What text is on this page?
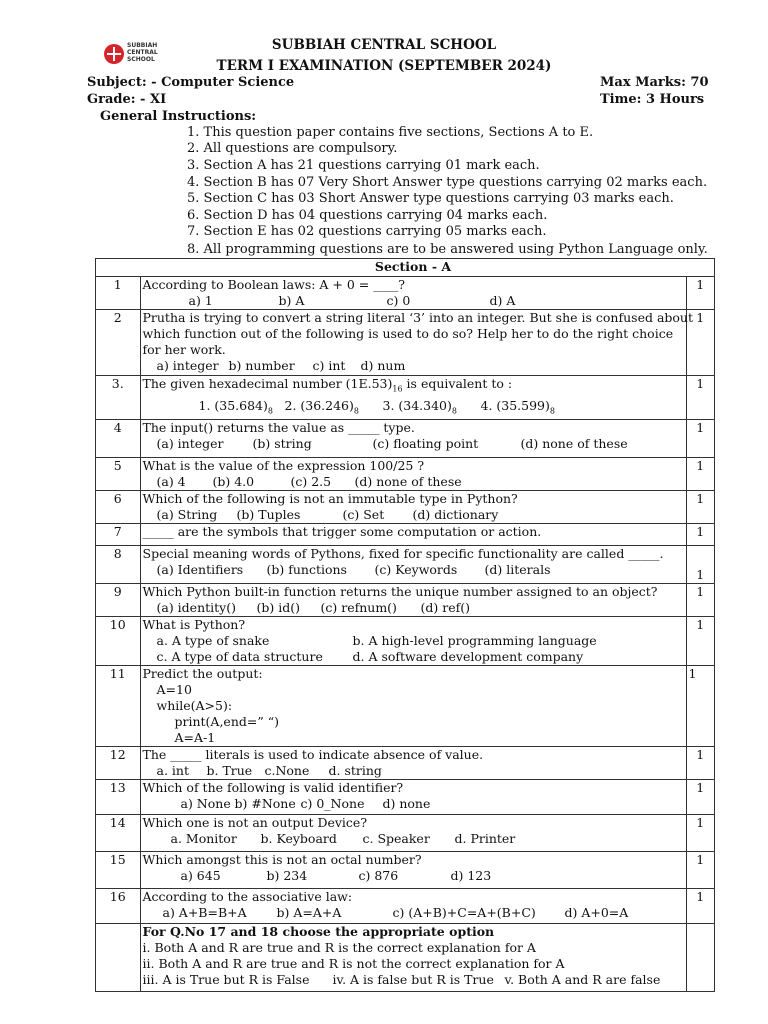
SUBBIAH CENTRAL SCHOOL
SUBBIAH CENTRAL SCHOOL
TERM I EXAMINATION (SEPTEMBER 2024)
Subject: - Computer Science	Max Marks: 70
Grade: - XI	Time: 3 Hours
General Instructions:
1. This question paper contains five sections, Sections A to E.
2. All questions are compulsory.
3. Section A has 21 questions carrying 01 mark each.
4. Section B has 07 Very Short Answer type questions carrying 02 marks each.
5. Section C has 03 Short Answer type questions carrying 03 marks each.
6. Section D has 04 questions carrying 04 marks each.
7. Section E has 02 questions carrying 05 marks each.
8. All programming questions are to be answered using Python Language only.
	Section - A	
1	According to Boolean laws: A + 0 = ____?
a) 1 b) A c) 0 d) A	1
2	Prutha is trying to convert a string literal ‘3’ into an integer. But she is confused about
which function out of the following is used to do so? Help her to do the right choice
for her work.
a) integer b) number c) int d) num	1
3.	The given hexadecimal number $(1E.53)_{16}$ is equivalent to :
1. $(35.684)_8$ 2. $(36.246)_8$ 3. $(34.340)_8$ 4. $(35.599)_8$	1
4	The input() returns the value as _____ type.
(a) integer (b) string (c) floating point (d) none of these	1
5	What is the value of the expression 100/25 ?
(a) 4 (b) 4.0 (c) 2.5 (d) none of these	1
6	Which of the following is not an immutable type in Python?
(a) String (b) Tuples (c) Set (d) dictionary	1
7	_____ are the symbols that trigger some computation or action.	1
8	Special meaning words of Pythons, fixed for specific functionality are called _____.
(a) Identifiers (b) functions (c) Keywords (d) literals	1
9	Which Python built-in function returns the unique number assigned to an object?
(a) identity() (b) id() (c) refnum() (d) ref()	1
10	What is Python?
a. A type of snake b. A high-level programming language
c. A type of data structure d. A software development company	1
11	Predict the output:
A=10
while(A>5):
print(A,end=” “)
A=A-1	1
12	The _____ literals is used to indicate absence of value.
a. int b. True c.None d. string	1
13	Which of the following is valid identifier?
a) None b) #None c) 0_None d) none	1
14	Which one is not an output Device?
a. Monitor b. Keyboard c. Speaker d. Printer	1
15	Which amongst this is not an octal number?
a) 645 b) 234 c) 876 d) 123	1
16	According to the associative law:
a) A+B=B+A b) A=A+A c) (A+B)+C=A+(B+C) d) A+0=A	1

	For Q.No 17 and 18 choose the appropriate option
i. Both A and R are true and R is the correct explanation for A
ii. Both A and R are true and R is not the correct explanation for A
iii. A is True but R is False iv. A is false but R is True v. Both A and R are false	
